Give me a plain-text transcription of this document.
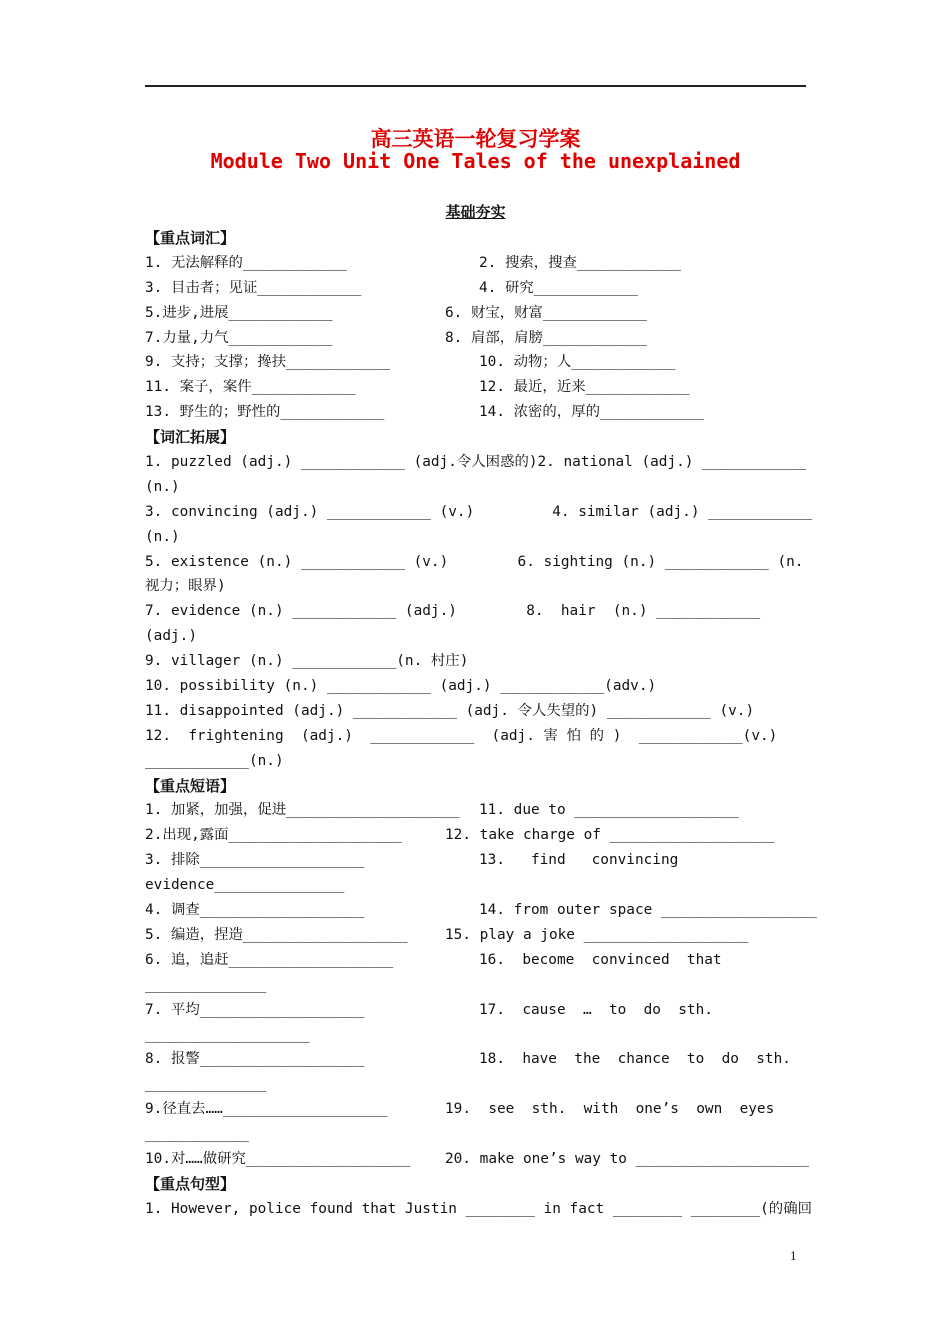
高三英语一轮复习学案
Module Two Unit One Tales of the unexplained
基础夯实
【重点词汇】
1. 无法解释的____________	2. 搜索，搜查____________
3. 目击者；见证____________	4. 研究____________
5.进步,进展____________	6. 财宝，财富____________
7.力量,力气____________	8. 肩部，肩膀____________
9. 支持；支撑；搀扶____________	10. 动物；人____________
11. 案子，案件____________	12. 最近，近来____________
13. 野生的；野性的____________	14. 浓密的，厚的____________
【词汇拓展】
1. puzzled (adj.) ____________ (adj.令人困惑的)2. national (adj.) ____________
(n.)
3. convincing (adj.) ____________ (v.)         4. similar (adj.) ____________
(n.)
5. existence (n.) ____________ (v.)        6. sighting (n.) ____________ (n.
视力；眼界)
7. evidence (n.) ____________ (adj.)        8.  hair  (n.) ____________
(adj.)
9. villager (n.) ____________(n. 村庄)
10. possibility (n.) ____________ (adj.) ____________(adv.)
11. disappointed (adj.) ____________ (adj. 令人失望的) ____________ (v.)
12.  frightening  (adj.)  ____________  (adj. 害 怕 的 )  ____________(v.)
____________(n.)
【重点短语】
1. 加紧，加强，促进____________________ 11. due to ___________________
2.出现,露面____________________	12. take charge of ___________________
3. 排除___________________	13.   find   convincing
evidence_______________
4. 调查___________________	14. from outer space __________________
5. 编造，捏造___________________	15. play a joke ___________________
6. 追，追赶___________________	16.  become  convinced  that
______________
7. 平均___________________	17.  cause  …  to  do  sth.
___________________
8. 报警___________________	18.  have  the  chance  to  do  sth.
______________
9.径直去……___________________	19.  see  sth.  with  one’s  own  eyes
____________
10.对……做研究___________________ 20. make one’s way to ____________________
【重点句型】
1. However, police found that Justin ________ in fact ________ ________(的确回
1
